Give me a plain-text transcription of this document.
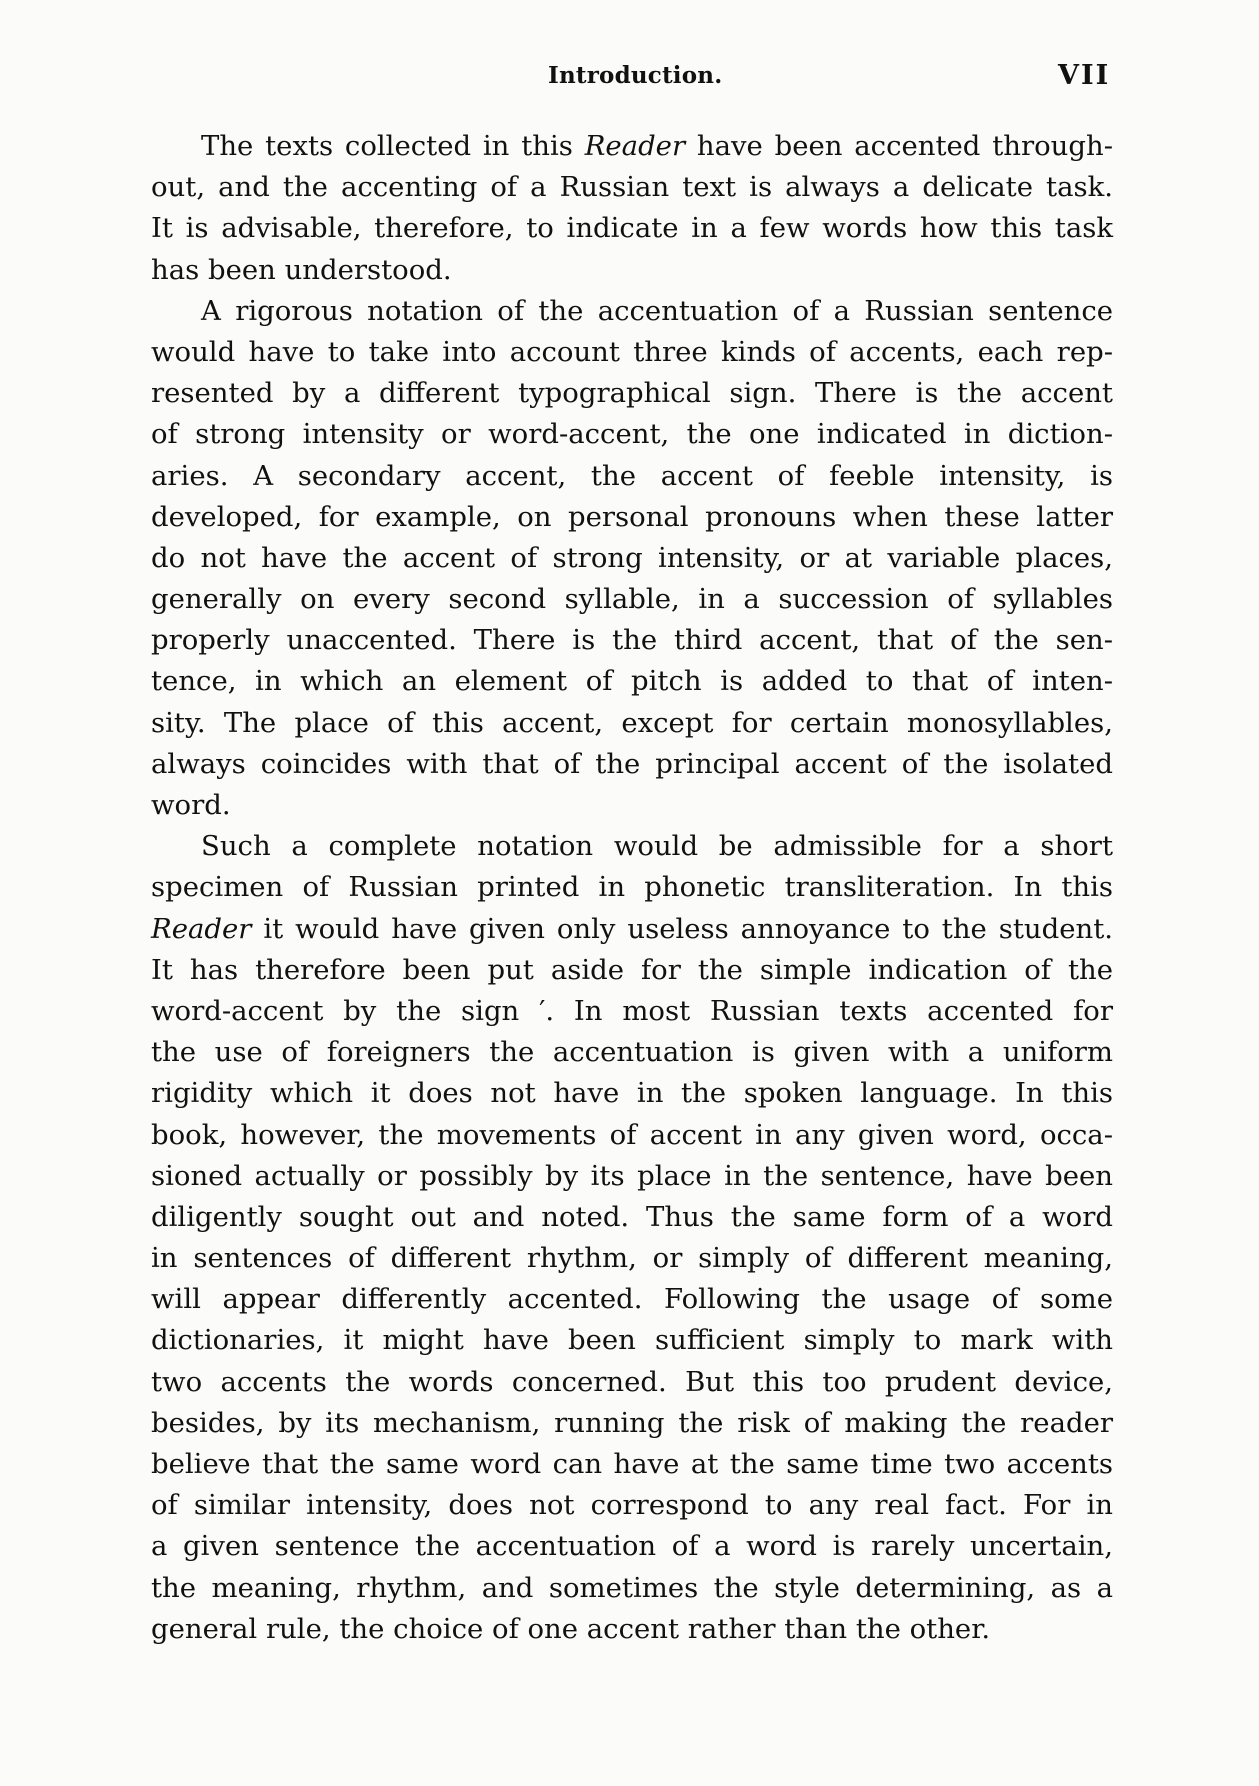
Introduction.	VII
The texts collected in this Reader have been accented through-
out, and the accenting of a Russian text is always a delicate task.
It is advisable, therefore, to indicate in a few words how this task
has been understood.
A rigorous notation of the accentuation of a Russian sentence
would have to take into account three kinds of accents, each rep-
resented by a different typographical sign. There is the accent
of strong intensity or word-accent, the one indicated in diction-
aries. A secondary accent, the accent of feeble intensity, is
developed, for example, on personal pronouns when these latter
do not have the accent of strong intensity, or at variable places,
generally on every second syllable, in a succession of syllables
properly unaccented. There is the third accent, that of the sen-
tence, in which an element of pitch is added to that of inten-
sity. The place of this accent, except for certain monosyllables,
always coincides with that of the principal accent of the isolated
word.
Such a complete notation would be admissible for a short
specimen of Russian printed in phonetic transliteration. In this
Reader it would have given only useless annoyance to the student.
It has therefore been put aside for the simple indication of the
word-accent by the sign ′. In most Russian texts accented for
the use of foreigners the accentuation is given with a uniform
rigidity which it does not have in the spoken language. In this
book, however, the movements of accent in any given word, occa-
sioned actually or possibly by its place in the sentence, have been
diligently sought out and noted. Thus the same form of a word
in sentences of different rhythm, or simply of different meaning,
will appear differently accented. Following the usage of some
dictionaries, it might have been sufficient simply to mark with
two accents the words concerned. But this too prudent device,
besides, by its mechanism, running the risk of making the reader
believe that the same word can have at the same time two accents
of similar intensity, does not correspond to any real fact. For in
a given sentence the accentuation of a word is rarely uncertain,
the meaning, rhythm, and sometimes the style determining, as a
general rule, the choice of one accent rather than the other.
